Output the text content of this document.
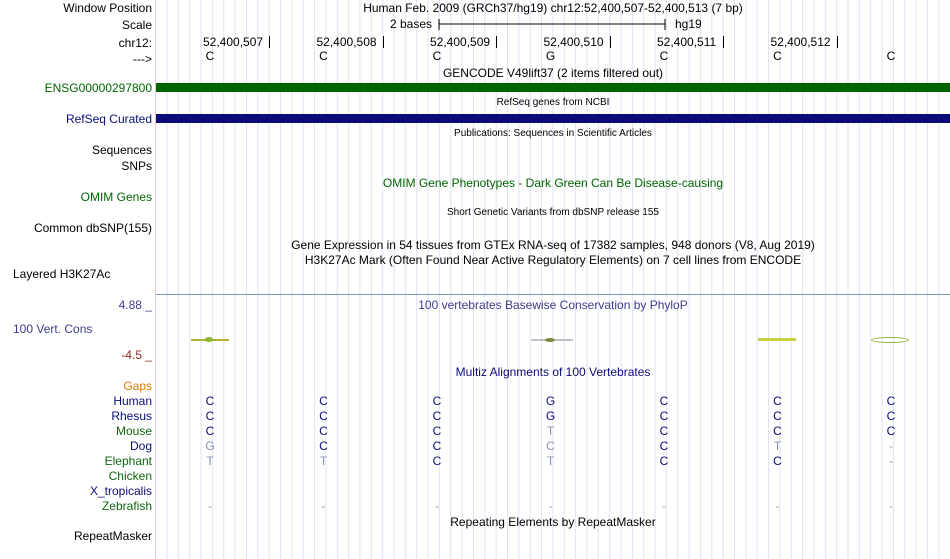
Window Position	Human Feb. 2009 (GRCh37/hg19) chr12:52,400,507-52,400,513 (7 bp)
Scale	2 bases	hg19
chr12:
--->
52,400,507	52,400,508	52,400,509	52,400,510	52,400,511	52,400,512
C	C	C	G	C	C	C
GENCODE V49lift37 (2 items filtered out)
ENSG00000297800
RefSeq genes from NCBI
RefSeq Curated
Publications: Sequences in Scientific Articles
Sequences
SNPs
OMIM Gene Phenotypes - Dark Green Can Be Disease-causing
OMIM Genes
Short Genetic Variants from dbSNP release 155
Common dbSNP(155)
Gene Expression in 54 tissues from GTEx RNA-seq of 17382 samples, 948 donors (V8, Aug 2019)
H3K27Ac Mark (Often Found Near Active Regulatory Elements) on 7 cell lines from ENCODE
Layered H3K27Ac
100 vertebrates Basewise Conservation by PhyloP
4.88 _
100 Vert. Cons
-4.5 _
Multiz Alignments of 100 Vertebrates
Gaps
Human	C	C	C	G	C	C	C
Rhesus	C	C	C	G	C	C	C
Mouse	C	C	C	T	C	C	C
Dog	G	C	C	C	C	T	-
Elephant	T	T	C	T	C	C	-
Chicken
X_tropicalis
Zebrafish	-	-	-	-	-	-	-
Repeating Elements by RepeatMasker
RepeatMasker
